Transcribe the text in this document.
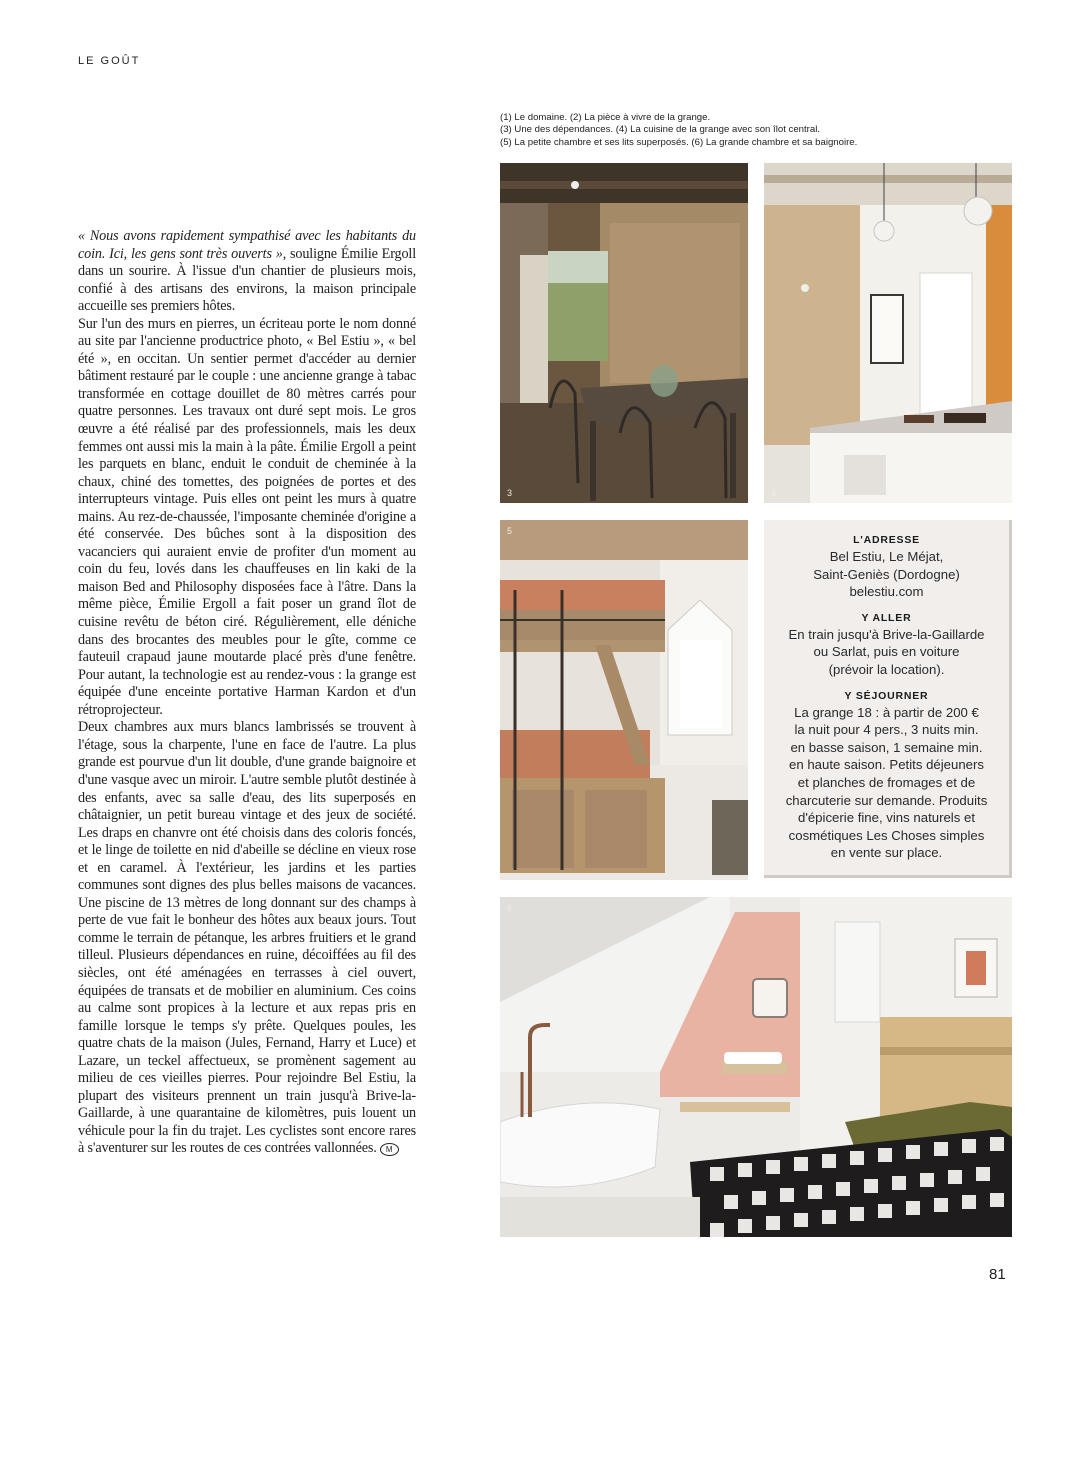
LE GOÛT
(1) Le domaine. (2) La pièce à vivre de la grange.
(3) Une des dépendances. (4) La cuisine de la grange avec son îlot central.
(5) La petite chambre et ses lits superposés. (6) La grande chambre et sa baignoire.

« Nous avons rapidement sympathisé avec les habitants du coin. Ici, les gens sont très ouverts », souligne Émilie Ergoll dans un sourire. À l'issue d'un chantier de plusieurs mois, confié à des artisans des environs, la maison principale accueille ses premiers hôtes.

Sur l'un des murs en pierres, un écriteau porte le nom donné au site par l'ancienne productrice photo, « Bel Estiu », « bel été », en occitan. Un sentier permet d'accéder au dernier bâtiment restauré par le couple : une ancienne grange à tabac transformée en cottage douillet de 80 mètres carrés pour quatre personnes. Les travaux ont duré sept mois. Le gros œuvre a été réalisé par des professionnels, mais les deux femmes ont aussi mis la main à la pâte. Émilie Ergoll a peint les parquets en blanc, enduit le conduit de cheminée à la chaux, chiné des tomettes, des poignées de portes et des interrupteurs vintage. Puis elles ont peint les murs à quatre mains. Au rez-de-chaussée, l'imposante cheminée d'origine a été conservée. Des bûches sont à la disposition des vacanciers qui auraient envie de profiter d'un moment au coin du feu, lovés dans les chauffeuses en lin kaki de la maison Bed and Philosophy disposées face à l'âtre. Dans la même pièce, Émilie Ergoll a fait poser un grand îlot de cuisine revêtu de béton ciré. Régulièrement, elle déniche dans des brocantes des meubles pour le gîte, comme ce fauteuil crapaud jaune moutarde placé près d'une fenêtre. Pour autant, la technologie est au rendez-vous : la grange est équipée d'une enceinte portative Harman Kardon et d'un rétroprojecteur.

Deux chambres aux murs blancs lambrissés se trouvent à l'étage, sous la charpente, l'une en face de l'autre. La plus grande est pourvue d'un lit double, d'une grande baignoire et d'une vasque avec un miroir. L'autre semble plutôt destinée à des enfants, avec sa salle d'eau, des lits superposés en châtaignier, un petit bureau vintage et des jeux de société. Les draps en chanvre ont été choisis dans des coloris foncés, et le linge de toilette en nid d'abeille se décline en vieux rose et en caramel. À l'extérieur, les jardins et les parties communes sont dignes des plus belles maisons de vacances. Une piscine de 13 mètres de long donnant sur des champs à perte de vue fait le bonheur des hôtes aux beaux jours. Tout comme le terrain de pétanque, les arbres fruitiers et le grand tilleul. Plusieurs dépendances en ruine, décoiffées au fil des siècles, ont été aménagées en terrasses à ciel ouvert, équipées de transats et de mobilier en aluminium. Ces coins au calme sont propices à la lecture et aux repas pris en famille lorsque le temps s'y prête. Quelques poules, les quatre chats de la maison (Jules, Fernand, Harry et Luce) et Lazare, un teckel affectueux, se promènent sagement au milieu de ces vieilles pierres. Pour rejoindre Bel Estiu, la plupart des visiteurs prennent un train jusqu'à Brive-la-Gaillarde, à une quarantaine de kilomètres, puis louent un véhicule pour la fin du trajet. Les cyclistes sont encore rares à s'aventurer sur les routes de ces contrées vallonnées. M

3	4
5
L'ADRESSE
Bel Estiu, Le Méjat,
Saint-Geniès (Dordogne)
belestiu.com
Y ALLER
En train jusqu'à Brive-la-Gaillarde
ou Sarlat, puis en voiture
(prévoir la location).
Y SÉJOURNER
La grange 18 : à partir de 200 €
la nuit pour 4 pers., 3 nuits min.
en basse saison, 1 semaine min.
en haute saison. Petits déjeuners
et planches de fromages et de
charcuterie sur demande. Produits
d'épicerie fine, vins naturels et
cosmétiques Les Choses simples
en vente sur place.
6
81
